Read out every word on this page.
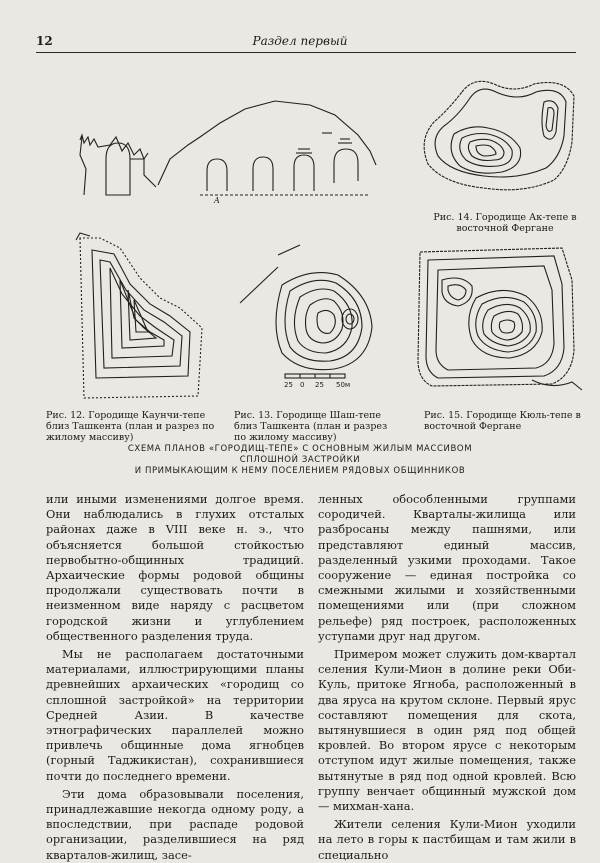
12	Раздел первый
A
25 0 25 50м
Рис. 12. Городище Каунчи-тепе близ Ташкента (план и разрез по жилому массиву)
Рис. 13. Городище Шаш-тепе близ Ташкента (план и разрез по жилому массиву)
Рис. 14. Городище Ак-тепе в восточной Фергане
Рис. 15. Городище Кюль-тепе в восточной Фергане
СХЕМА ПЛАНОВ «ГОРОДИЩ-ТЕПЕ» С ОСНОВНЫМ ЖИЛЫМ МАССИВОМ СПЛОШНОЙ ЗАСТРОЙКИ
И ПРИМЫКАЮЩИМ К НЕМУ ПОСЕЛЕНИЕМ РЯДОВЫХ ОБЩИННИКОВ

или иными изменениями долгое время. Они наблюдались в глухих отсталых районах даже в VIII веке н. э., что объясняется большой стойкостью первобытно-общинных традиций. Архаические формы родовой общины продолжали существовать почти в неизменном виде наряду с расцветом городской жизни и углублением общественного разделения труда.

Мы не располагаем достаточными материалами, иллюстрирующими планы древнейших архаических «городищ со сплошной застройкой» на территории Средней Азии. В качестве этнографических параллелей можно привлечь общинные дома ягнобцев (горный Таджикистан), сохранившиеся почти до последнего времени.

Эти дома образовывали поселения, принадлежавшие некогда одному роду, а впоследствии, при распаде родовой организации, разделившиеся на ряд кварталов-жилищ, засе-

ленных обособленными группами сородичей. Кварталы-жилища или разбросаны между пашнями, или представляют единый массив, разделенный узкими проходами. Такое сооружение — единая постройка со смежными жилыми и хозяйственными помещениями или (при сложном рельефе) ряд построек, расположенных уступами друг над другом.

Примером может служить дом-квартал селения Кули-Мион в долине реки Оби-Куль, притоке Ягноба, расположенный в два яруса на крутом склоне. Первый ярус составляют помещения для скота, вытянувшиеся в один ряд под общей кровлей. Во втором ярусе с некоторым отступом идут жилые помещения, также вытянутые в ряд под одной кровлей. Всю группу венчает общинный мужской дом — михман-хана.

Жители селения Кули-Мион уходили на лето в горы к пастбищам и там жили в специально
